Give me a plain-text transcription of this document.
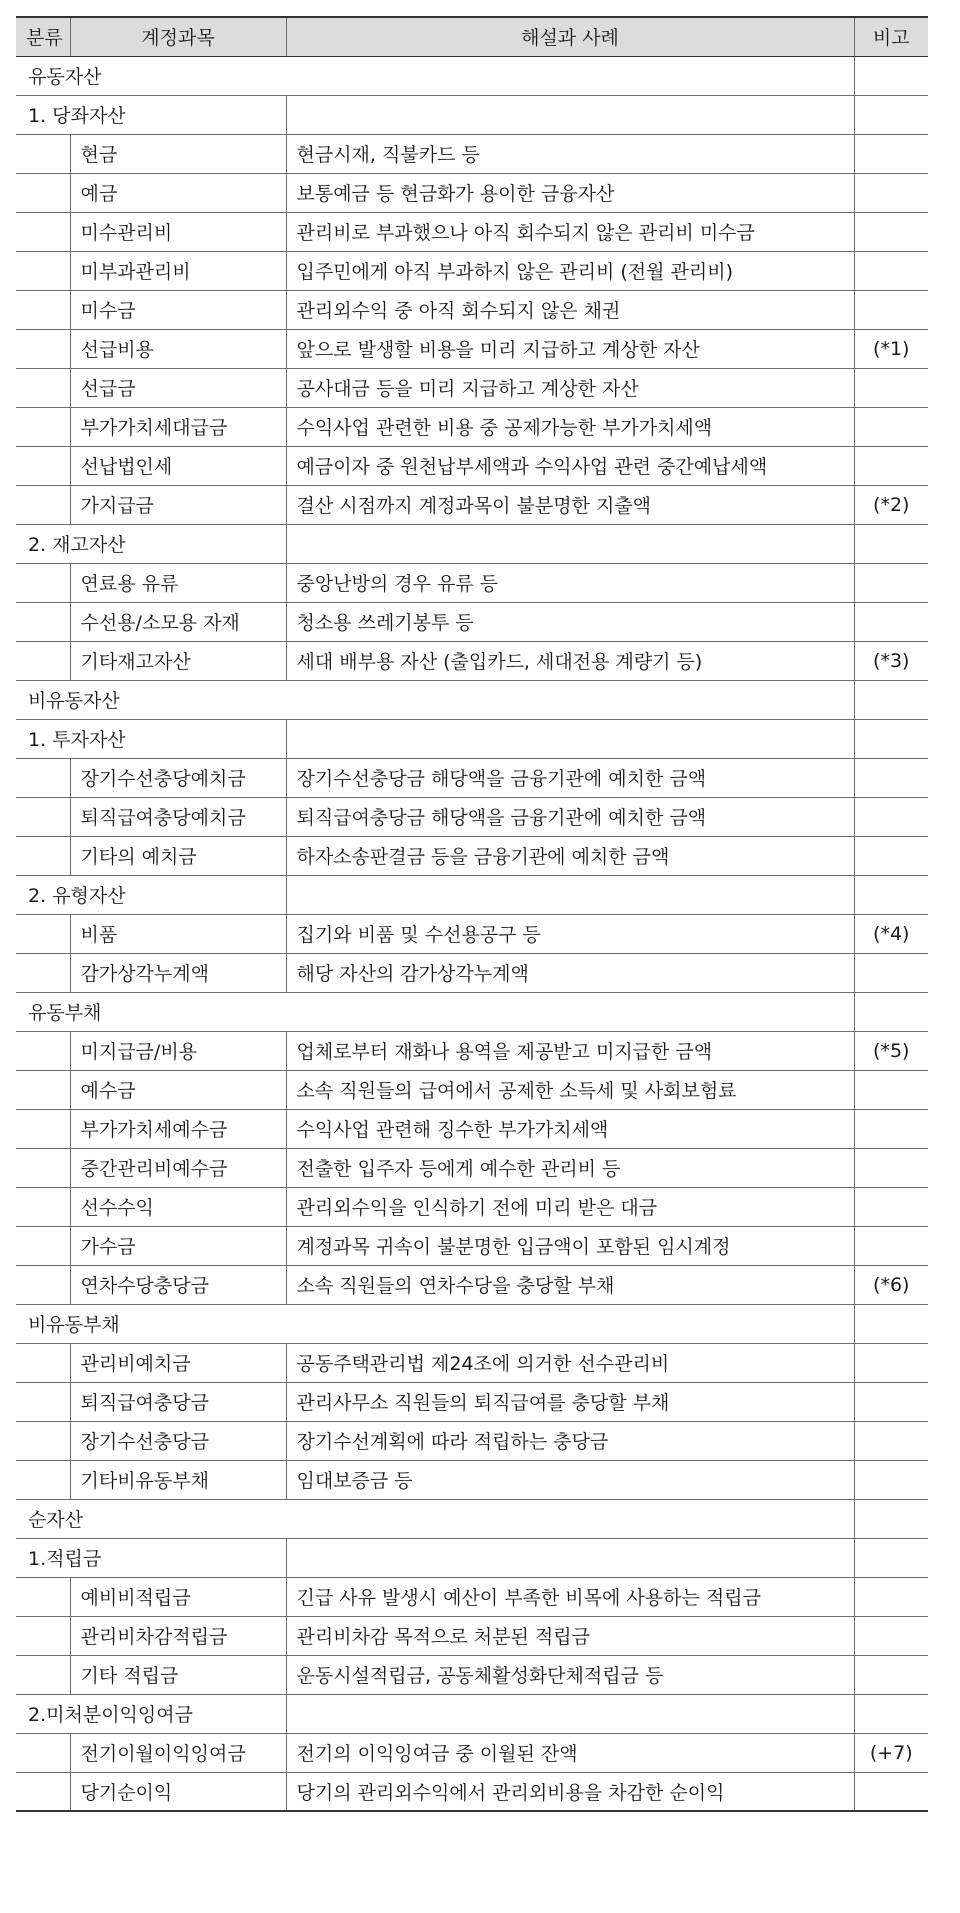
분류	계정과목	해설과 사례	비고
유동자산			
1. 당좌자산			
	현금	현금시재, 직불카드 등	
	예금	보통예금 등 현금화가 용이한 금융자산	
	미수관리비	관리비로 부과했으나 아직 회수되지 않은 관리비 미수금	
	미부과관리비	입주민에게 아직 부과하지 않은 관리비 (전월 관리비)	
	미수금	관리외수익 중 아직 회수되지 않은 채권	
	선급비용	앞으로 발생할 비용을 미리 지급하고 계상한 자산	(*1)
	선급금	공사대금 등을 미리 지급하고 계상한 자산	
	부가가치세대급금	수익사업 관련한 비용 중 공제가능한 부가가치세액	
	선납법인세	예금이자 중 원천납부세액과 수익사업 관련 중간예납세액	
	가지급금	결산 시점까지 계정과목이 불분명한 지출액	(*2)
2. 재고자산			
	연료용 유류	중앙난방의 경우 유류 등	
	수선용/소모용 자재	청소용 쓰레기봉투 등	
	기타재고자산	세대 배부용 자산 (출입카드, 세대전용 계량기 등)	(*3)
비유동자산			
1. 투자자산			
	장기수선충당예치금	장기수선충당금 해당액을 금융기관에 예치한 금액	
	퇴직급여충당예치금	퇴직급여충당금 해당액을 금융기관에 예치한 금액	
	기타의 예치금	하자소송판결금 등을 금융기관에 예치한 금액	
2. 유형자산			
	비품	집기와 비품 및 수선용공구 등	(*4)
	감가상각누계액	해당 자산의 감가상각누계액	
유동부채			
	미지급금/비용	업체로부터 재화나 용역을 제공받고 미지급한 금액	(*5)
	예수금	소속 직원들의 급여에서 공제한 소득세 및 사회보험료	
	부가가치세예수금	수익사업 관련해 징수한 부가가치세액	
	중간관리비예수금	전출한 입주자 등에게 예수한 관리비 등	
	선수수익	관리외수익을 인식하기 전에 미리 받은 대금	
	가수금	계정과목 귀속이 불분명한 입금액이 포함된 임시계정	
	연차수당충당금	소속 직원들의 연차수당을 충당할 부채	(*6)
비유동부채			
	관리비예치금	공동주택관리법 제24조에 의거한 선수관리비	
	퇴직급여충당금	관리사무소 직원들의 퇴직급여를 충당할 부채	
	장기수선충당금	장기수선계획에 따라 적립하는 충당금	
	기타비유동부채	임대보증금 등	
순자산			
1.적립금			
	예비비적립금	긴급 사유 발생시 예산이 부족한 비목에 사용하는 적립금	
	관리비차감적립금	관리비차감 목적으로 처분된 적립금	
	기타 적립금	운동시설적립금, 공동체활성화단체적립금 등	
2.미처분이익잉여금			
	전기이월이익잉여금	전기의 이익잉여금 중 이월된 잔액	(+7)
	당기순이익	당기의 관리외수익에서 관리외비용을 차감한 순이익	
